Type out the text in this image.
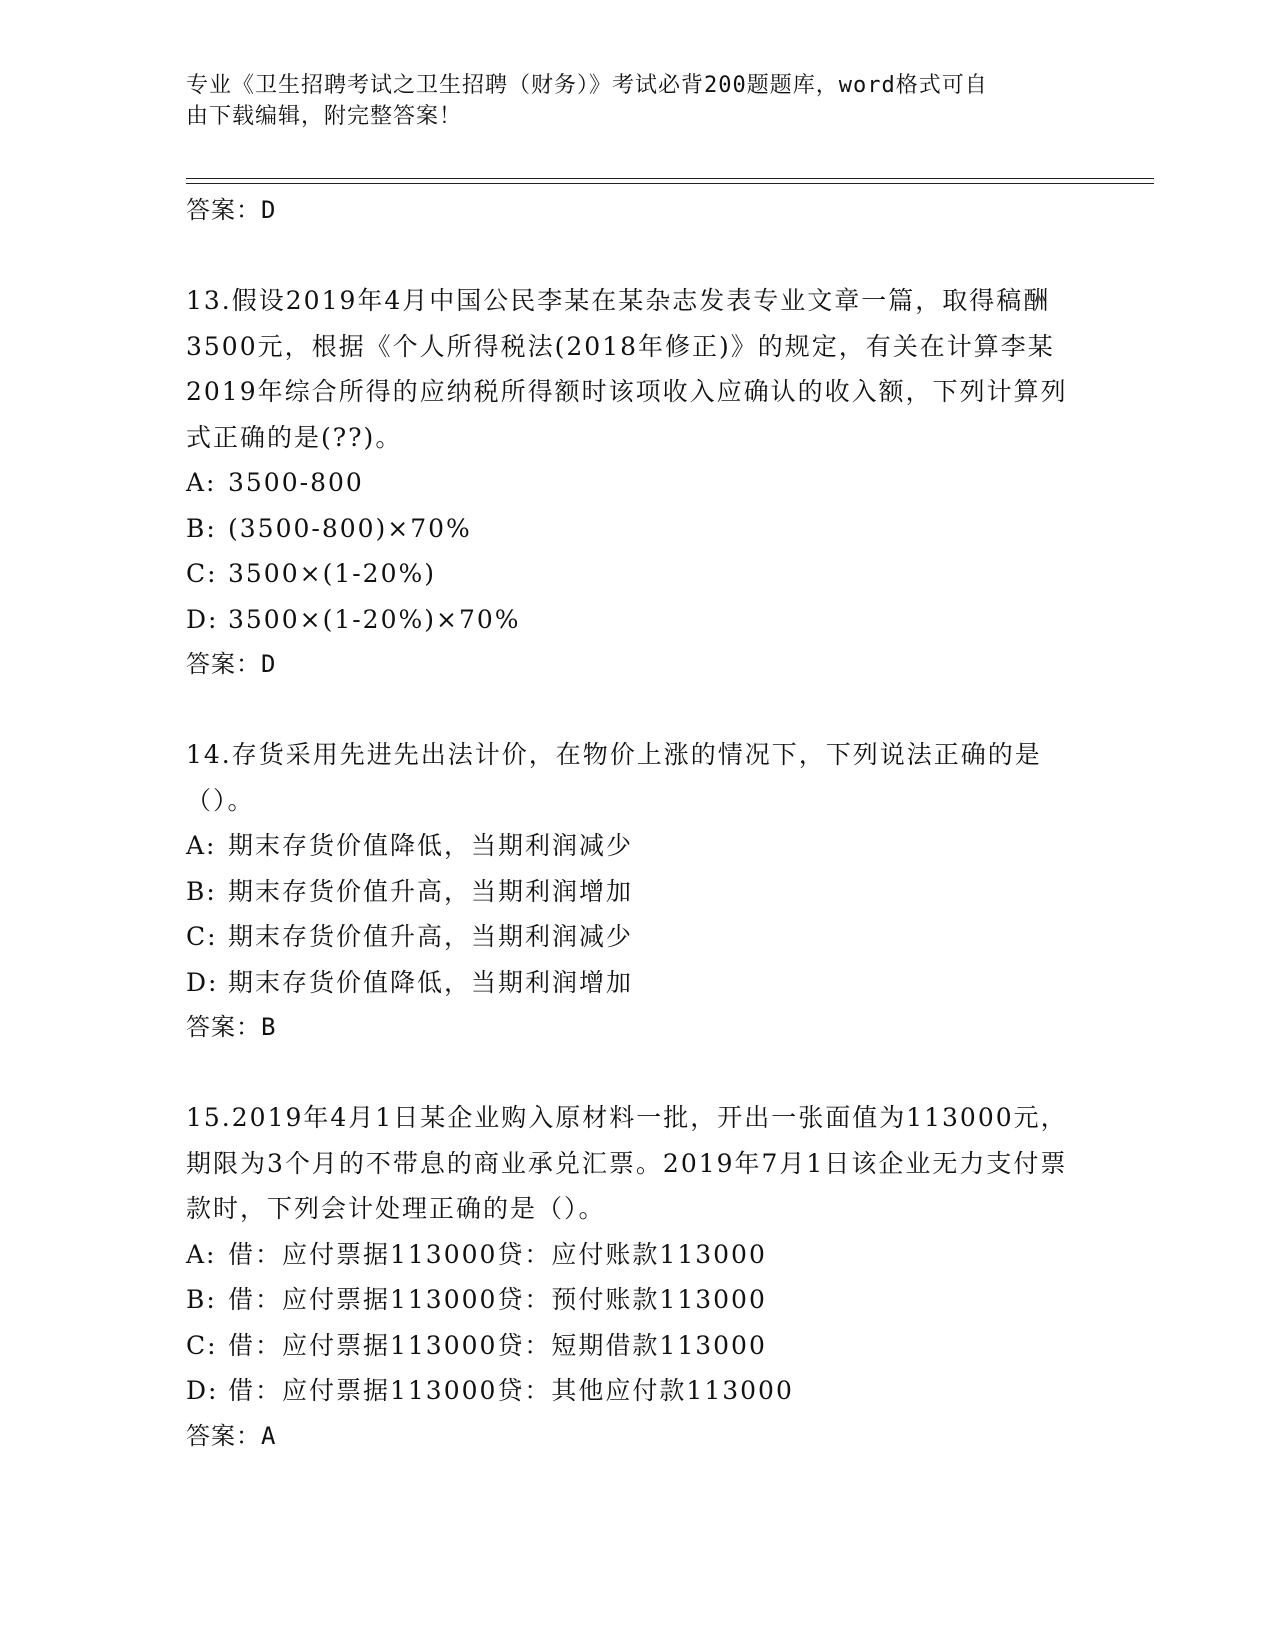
专业《卫生招聘考试之卫生招聘（财务）》考试必背200题题库，word格式可自
由下载编辑，附完整答案！
答案：D
13.假设2019年4月中国公民李某在某杂志发表专业文章一篇，取得稿酬3500元，根据《个人所得税法(2018年修正)》的规定，有关在计算李某2019年综合所得的应纳税所得额时该项收入应确认的收入额，下列计算列式正确的是(??)。
A: 3500-800
B: (3500-800)×70%
C: 3500×(1-20%)
D: 3500×(1-20%)×70%
答案：D
14.存货采用先进先出法计价，在物价上涨的情况下，下列说法正确的是（）。
A: 期末存货价值降低，当期利润减少
B: 期末存货价值升高，当期利润增加
C: 期末存货价值升高，当期利润减少
D: 期末存货价值降低，当期利润增加
答案：B
15.2019年4月1日某企业购入原材料一批，开出一张面值为113000元，期限为3个月的不带息的商业承兑汇票。2019年7月1日该企业无力支付票款时，下列会计处理正确的是（）。
A: 借：应付票据113000贷：应付账款113000
B: 借：应付票据113000贷：预付账款113000
C: 借：应付票据113000贷：短期借款113000
D: 借：应付票据113000贷：其他应付款113000
答案：A
